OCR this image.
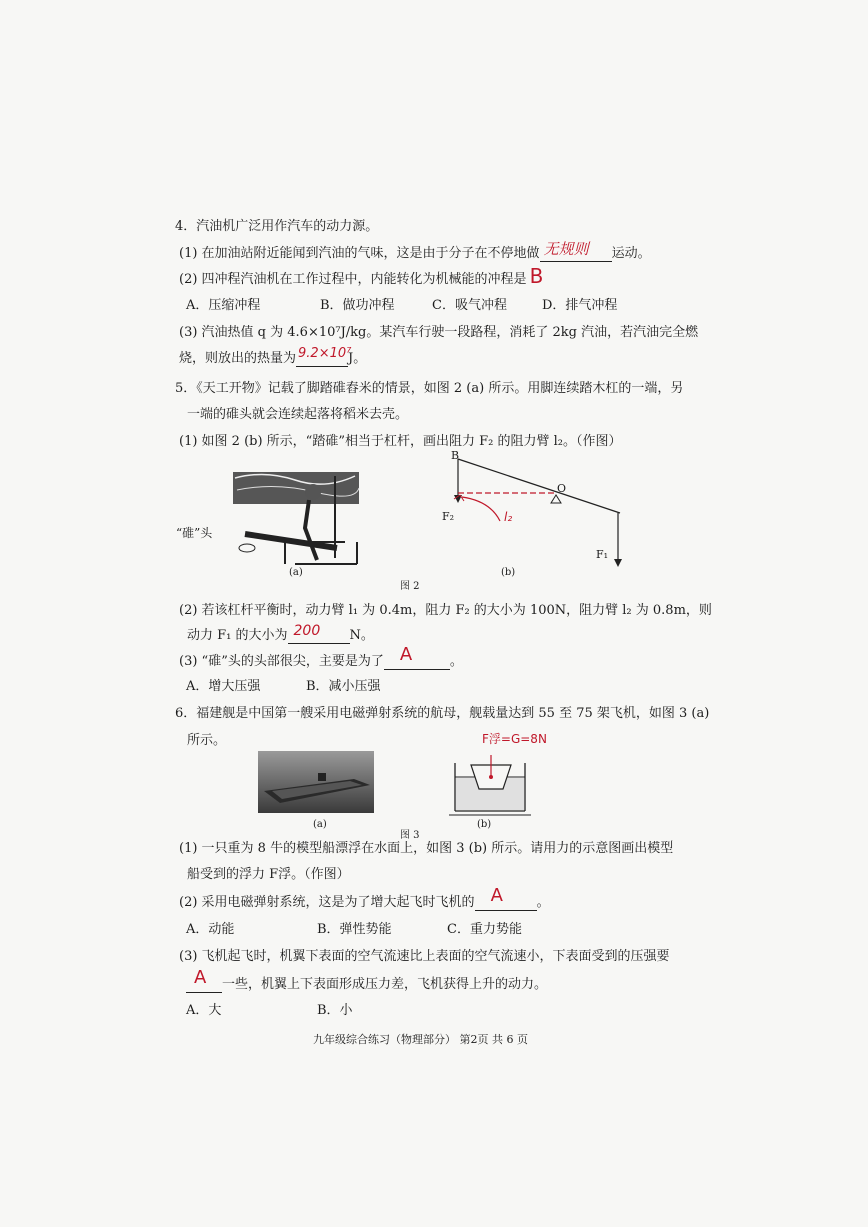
4．汽油机广泛用作汽车的动力源。
(1) 在加油站附近能闻到汽油的气味，这是由于分子在不停地做 无规则 运动。
(2) 四冲程汽油机在工作过程中，内能转化为机械能的冲程是 B
A．压缩冲程	B．做功冲程	C．吸气冲程	D．排气冲程
(3) 汽油热值 q 为 4.6×10⁷J/kg。某汽车行驶一段路程，消耗了 2kg 汽油，若汽油完全燃
烧，则放出的热量为 9.2×10⁷
J。
5．《天工开物》记载了脚踏碓舂米的情景，如图 2 (a) 所示。用脚连续踏木杠的一端，另
一端的碓头就会连续起落将稻米去壳。
(1) 如图 2 (b) 所示，“踏碓”相当于杠杆，画出阻力 F₂ 的阻力臂 l₂。（作图）
“碓”头
(a)
B
O
F₂
F₁
l₂
(b)
图 2
(2) 若该杠杆平衡时，动力臂 l₁ 为 0.4m，阻力 F₂ 的大小为 100N，阻力臂 l₂ 为 0.8m，则
动力 F₁ 的大小为 200 N。
(3) “碓”头的头部很尖，主要是为了 A	。
A．增大压强	B．减小压强
6．福建舰是中国第一艘采用电磁弹射系统的航母，舰载量达到 55 至 75 架飞机，如图 3 (a)
所示。
(a)
F浮=G=8N
(b)
图 3
(1) 一只重为 8 牛的模型船漂浮在水面上，如图 3 (b) 所示。请用力的示意图画出模型
船受到的浮力 F浮。（作图）
(2) 采用电磁弹射系统，这是为了增大起飞时飞机的 A	。
A．动能	B．弹性势能	C．重力势能
(3) 飞机起飞时，机翼下表面的空气流速比上表面的空气流速小，下表面受到的压强要
A 一些，机翼上下表面形成压力差，飞机获得上升的动力。
A．大	B．小
九年级综合练习（物理部分） 第2页 共 6 页
